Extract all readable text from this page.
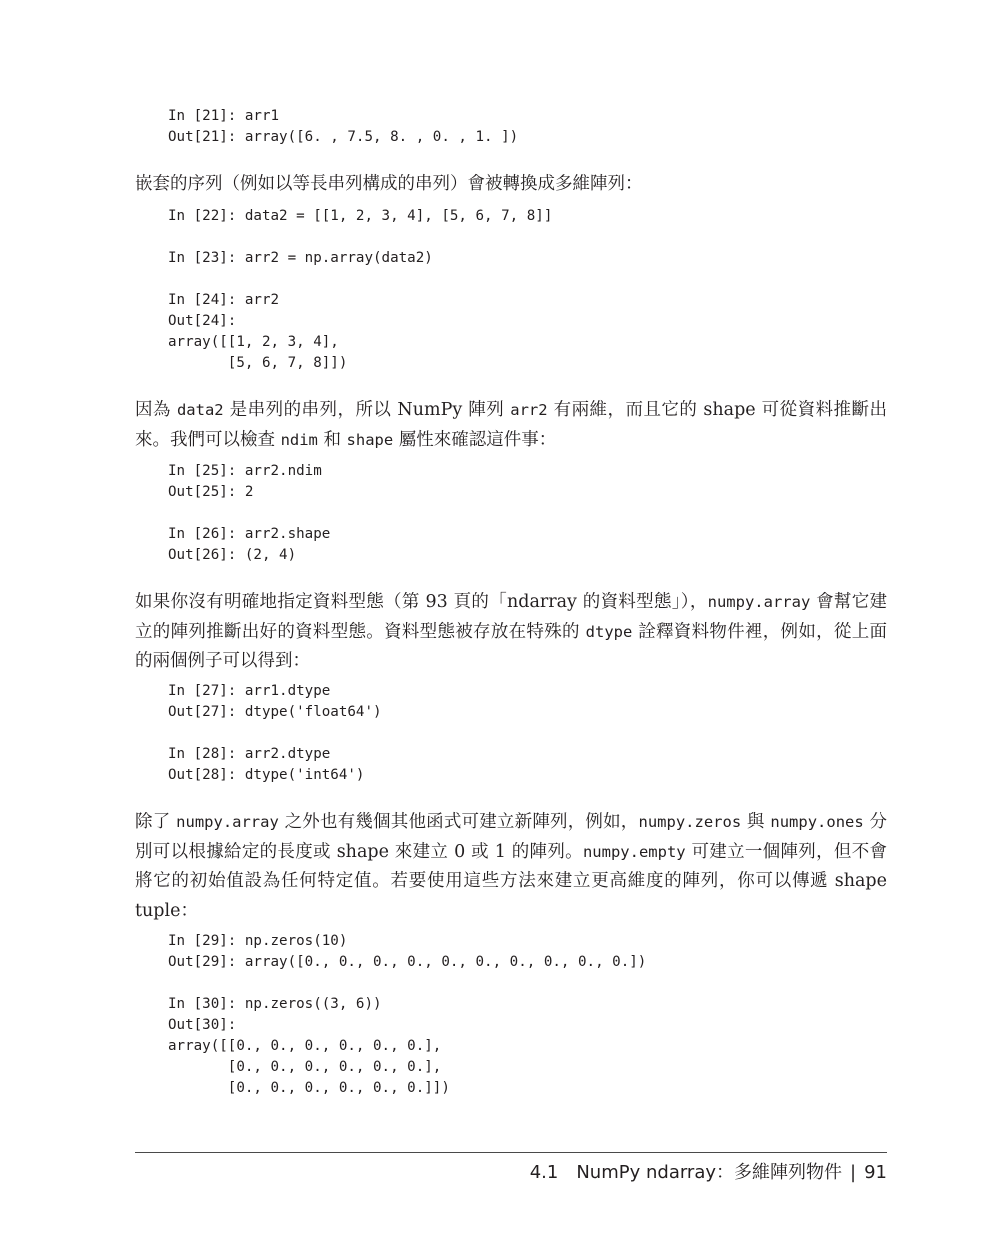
In [21]: arr1
Out[21]: array([6. , 7.5, 8. , 0. , 1. ])

嵌套的序列（例如以等長串列構成的串列）會被轉換成多維陣列：

In [22]: data2 = [[1, 2, 3, 4], [5, 6, 7, 8]]

In [23]: arr2 = np.array(data2)

In [24]: arr2
Out[24]:
array([[1, 2, 3, 4],
[5, 6, 7, 8]])

因為 data2 是串列的串列，所以 NumPy 陣列 arr2 有兩維，而且它的 shape 可從資料推斷出來。我們可以檢查 ndim 和 shape 屬性來確認這件事：

In [25]: arr2.ndim
Out[25]: 2

In [26]: arr2.shape
Out[26]: (2, 4)

如果你沒有明確地指定資料型態（第 93 頁的「ndarray 的資料型態」），numpy.array 會幫它建立的陣列推斷出好的資料型態。資料型態被存放在特殊的 dtype 詮釋資料物件裡，例如，從上面的兩個例子可以得到：

In [27]: arr1.dtype
Out[27]: dtype('float64')

In [28]: arr2.dtype
Out[28]: dtype('int64')

除了 numpy.array 之外也有幾個其他函式可建立新陣列，例如，numpy.zeros 與 numpy.ones 分別可以根據給定的長度或 shape 來建立 0 或 1 的陣列。numpy.empty 可建立一個陣列，但不會將它的初始值設為任何特定值。若要使用這些方法來建立更高維度的陣列，你可以傳遞 shape tuple：

In [29]: np.zeros(10)
Out[29]: array([0., 0., 0., 0., 0., 0., 0., 0., 0., 0.])

In [30]: np.zeros((3, 6))
Out[30]:
array([[0., 0., 0., 0., 0., 0.],
[0., 0., 0., 0., 0., 0.],
[0., 0., 0., 0., 0., 0.]])
4.1 NumPy ndarray：多維陣列物件 | 91
